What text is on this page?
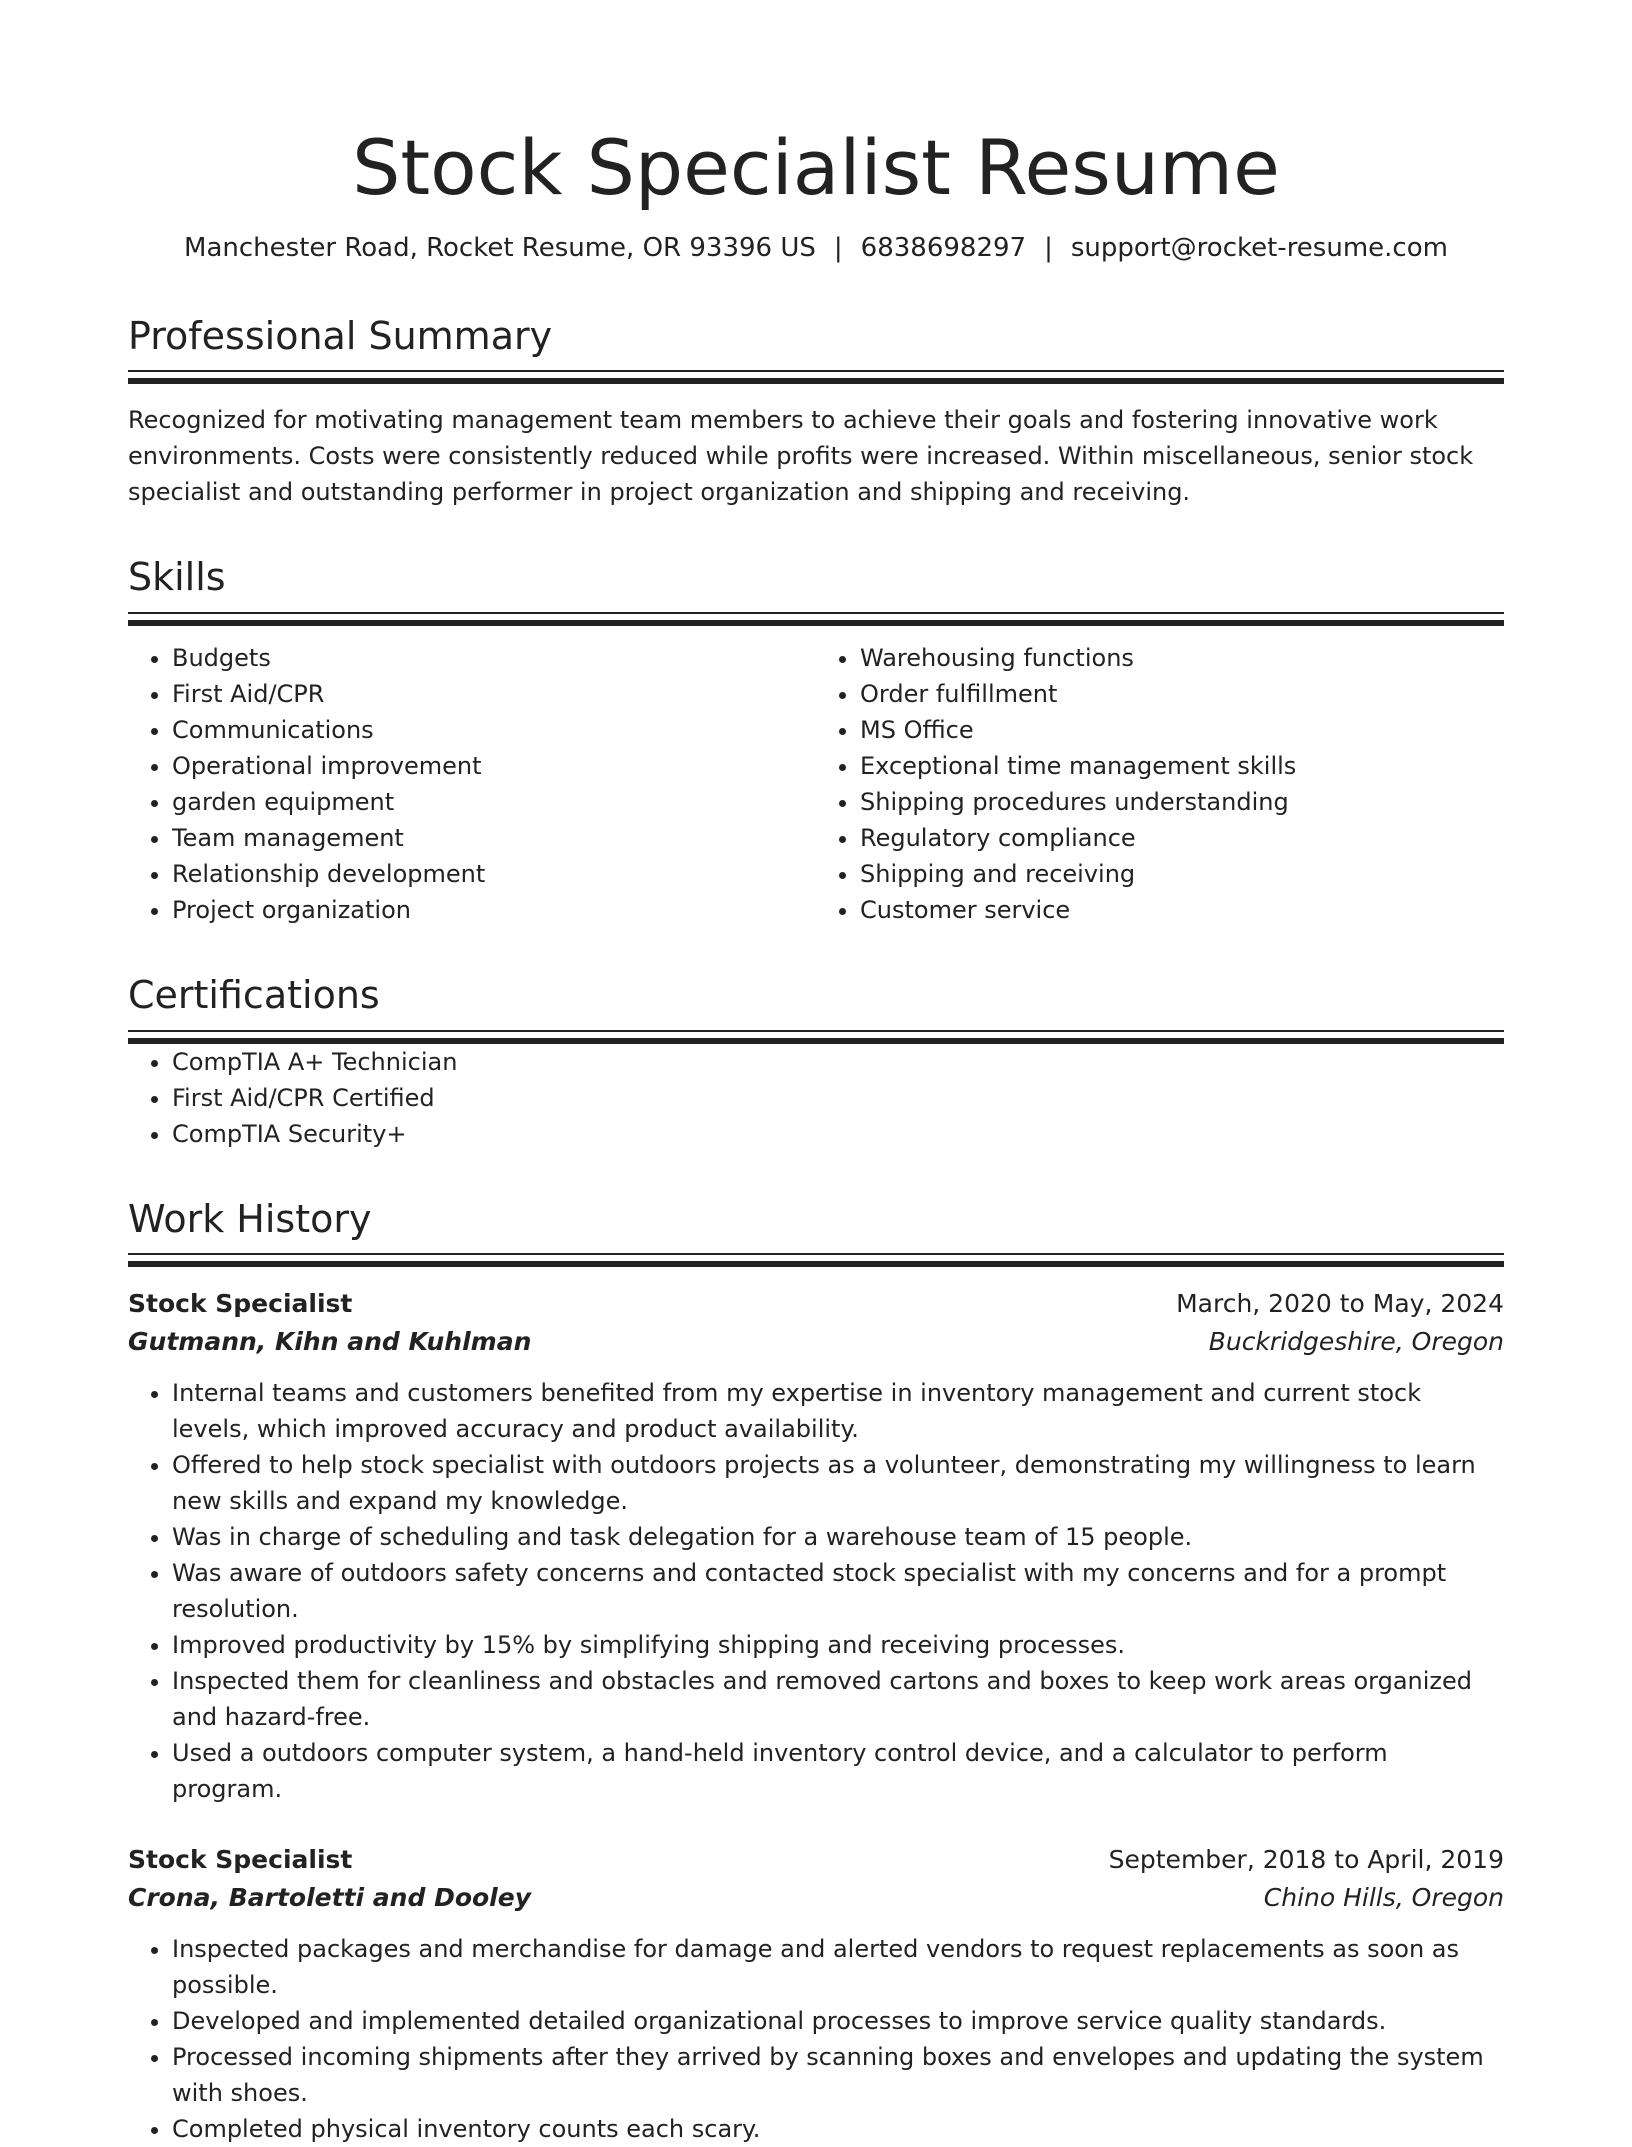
Stock Specialist Resume
Manchester Road, Rocket Resume, OR 93396 US | 6838698297 | support@rocket-resume.com
Professional Summary

Recognized for motivating management team members to achieve their goals and fostering innovative work environments. Costs were consistently reduced while profits were increased. Within miscellaneous, senior stock specialist and outstanding performer in project organization and shipping and receiving.

Skills
• Budgets
• First Aid/CPR
• Communications
• Operational improvement
• garden equipment
• Team management
• Relationship development
• Project organization
• Warehousing functions
• Order fulfillment
• MS Office
• Exceptional time management skills
• Shipping procedures understanding
• Regulatory compliance
• Shipping and receiving
• Customer service
Certifications
• CompTIA A+ Technician
• First Aid/CPR Certified
• CompTIA Security+
Work History
Stock Specialist	March, 2020 to May, 2024
Gutmann, Kihn and Kuhlman	Buckridgeshire, Oregon
• Internal teams and customers benefited from my expertise in inventory management and current stock levels, which improved accuracy and product availability.
• Offered to help stock specialist with outdoors projects as a volunteer, demonstrating my willingness to learn new skills and expand my knowledge.
• Was in charge of scheduling and task delegation for a warehouse team of 15 people.
• Was aware of outdoors safety concerns and contacted stock specialist with my concerns and for a prompt resolution.
• Improved productivity by 15% by simplifying shipping and receiving processes.
• Inspected them for cleanliness and obstacles and removed cartons and boxes to keep work areas organized and hazard-free.
• Used a outdoors computer system, a hand-held inventory control device, and a calculator to perform program.
Stock Specialist	September, 2018 to April, 2019
Crona, Bartoletti and Dooley	Chino Hills, Oregon
• Inspected packages and merchandise for damage and alerted vendors to request replacements as soon as possible.
• Developed and implemented detailed organizational processes to improve service quality standards.
• Processed incoming shipments after they arrived by scanning boxes and envelopes and updating the system with shoes.
• Completed physical inventory counts each scary.
